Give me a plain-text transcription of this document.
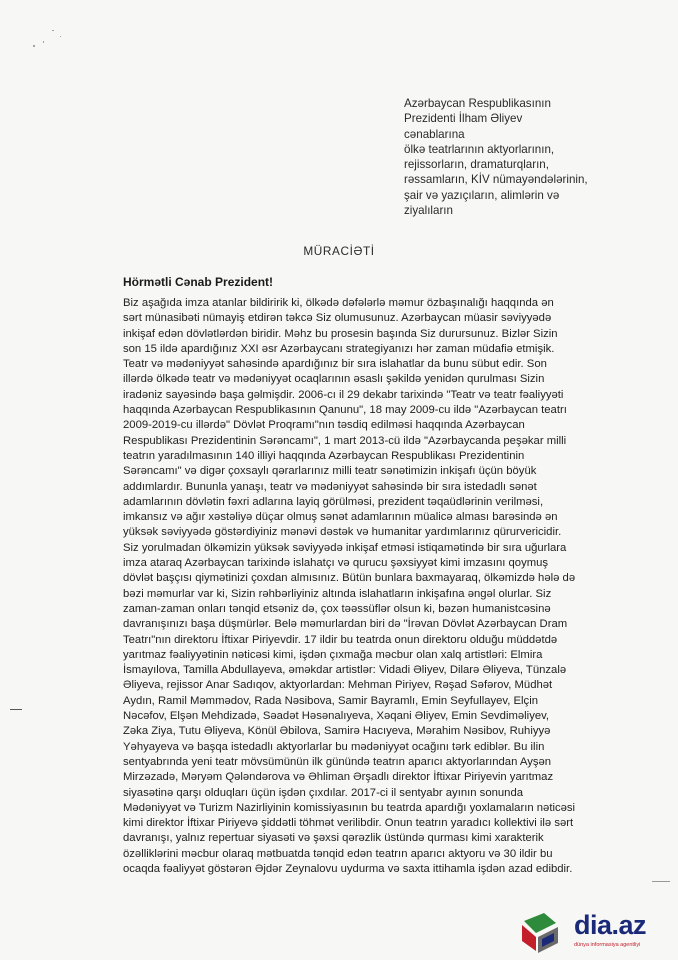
Azərbaycan Respublikasının
Prezidenti İlham Əliyev
cənablarına
ölkə teatrlarının aktyorlarının,
rejissorların, dramaturqların,
rəssamların, KİV nümayəndələrinin,
şair və yazıçıların, alimlərin və
ziyalıların
MÜRACİƏTİ
Hörmətli Cənab Prezident!
Biz aşağıda imza atanlar bildiririk ki, ölkədə dəfələrlə məmur özbaşınalığı haqqında ən
sərt münasibəti nümayiş etdirən təkcə Siz olumusunuz. Azərbaycan müasir səviyyədə
inkişaf edən dövlətlərdən biridir. Məhz bu prosesin başında Siz durursunuz. Bizlər Sizin
son 15 ildə apardığınız XXI əsr Azərbaycanı strategiyanızı hər zaman müdafiə etmişik.
Teatr və mədəniyyət sahəsində apardığınız bir sıra islahatlar da bunu sübut edir. Son
illərdə ölkədə teatr və mədəniyyət ocaqlarının əsaslı şəkildə yenidən qurulması Sizin
iradəniz sayəsində başa gəlmişdir. 2006-cı il 29 dekabr tarixində "Teatr və teatr fəaliyyəti
haqqında Azərbaycan Respublikasının Qanunu", 18 may 2009-cu ildə "Azərbaycan teatrı
2009-2019-cu illərdə" Dövlət Proqramı"nın təsdiq edilməsi haqqında Azərbaycan
Respublikası Prezidentinin Sərəncamı", 1 mart 2013-cü ildə "Azərbaycanda peşəkar milli
teatrın yaradılmasının 140 illiyi haqqında Azərbaycan Respublikası Prezidentinin
Sərəncamı" və digər çoxsaylı qərarlarınız milli teatr sənətimizin inkişafı üçün böyük
addımlardır. Bununla yanaşı, teatr və mədəniyyət sahəsində bir sıra istedadlı sənət
adamlarının dövlətin fəxri adlarına layiq görülməsi, prezident təqaüdlərinin verilməsi,
imkansız və ağır xəstəliyə düçar olmuş sənət adamlarının müalicə alması barəsində ən
yüksək səviyyədə göstərdiyiniz mənəvi dəstək və humanitar yardımlarınız qürurvericidir.
Siz yorulmadan ölkəmizin yüksək səviyyədə inkişaf etməsi istiqamətində bir sıra uğurlara
imza ataraq Azərbaycan tarixində islahatçı və qurucu şəxsiyyət kimi imzasını qoymuş
dövlət başçısı qiymətinizi çoxdan almısınız. Bütün bunlara baxmayaraq, ölkəmizdə hələ də
bəzi məmurlar var ki, Sizin rəhbərliyiniz altında islahatların inkişafına əngəl olurlar. Siz
zaman-zaman onları tənqid etsəniz də, çox təəssüflər olsun ki, bəzən humanistcəsinə
davranışınızı başa düşmürlər. Belə məmurlardan biri də "İrəvan Dövlət Azərbaycan Dram
Teatrı"nın direktoru İftixar Piriyevdir. 17 ildir bu teatrda onun direktoru olduğu müddətdə
yarıtmaz fəaliyyətinin nəticəsi kimi, işdən çıxmağa məcbur olan xalq artistləri: Elmira
İsmayılova, Tamilla Abdullayeva, əməkdar artistlər: Vidadi Əliyev, Dilarə Əliyeva, Tünzalə
Əliyeva, rejissor Anar Sadıqov, aktyorlardan: Mehman Piriyev, Rəşad Səfərov, Müdhət
Aydın, Ramil Məmmədov, Rada Nəsibova, Samir Bayramlı, Emin Seyfullayev, Elçin
Nəcəfov, Elşən Mehdizadə, Səadət Həsənalıyeva, Xəqani Əliyev, Emin Sevdiməliyev,
Zəka Ziya, Tutu Əliyeva, Könül Əbilova, Samirə Hacıyeva, Mərahim Nəsibov, Ruhiyyə
Yəhyayeva və başqa istedadlı aktyorlarlar bu mədəniyyət ocağını tərk ediblər. Bu ilin
sentyabrında yeni teatr mövsümünün ilk günündə teatrın aparıcı aktyorlarından Ayşən
Mirzəzadə, Məryəm Qələndərova və Əhliman Ərşadlı direktor İftixar Piriyevin yarıtmaz
siyasətinə qarşı olduqları üçün işdən çıxdılar. 2017-ci il sentyabr ayının sonunda
Mədəniyyət və Turizm Nazirliyinin komissiyasının bu teatrda apardığı yoxlamaların nəticəsi
kimi direktor İftixar Piriyevə şiddətli töhmət verilibdir. Onun teatrın yaradıcı kollektivi ilə sərt
davranışı, yalnız repertuar siyasəti və şəxsi qərəzlik üstündə qurması kimi xarakterik
özəlliklərini məcbur olaraq mətbuatda tənqid edən teatrın aparıcı aktyoru və 30 ildir bu
ocaqda fəaliyyət göstərən Əjdər Zeynalovu uydurma və saxta ittihamla işdən azad edibdir.
dia.az
dünya informasiya agentliyi
